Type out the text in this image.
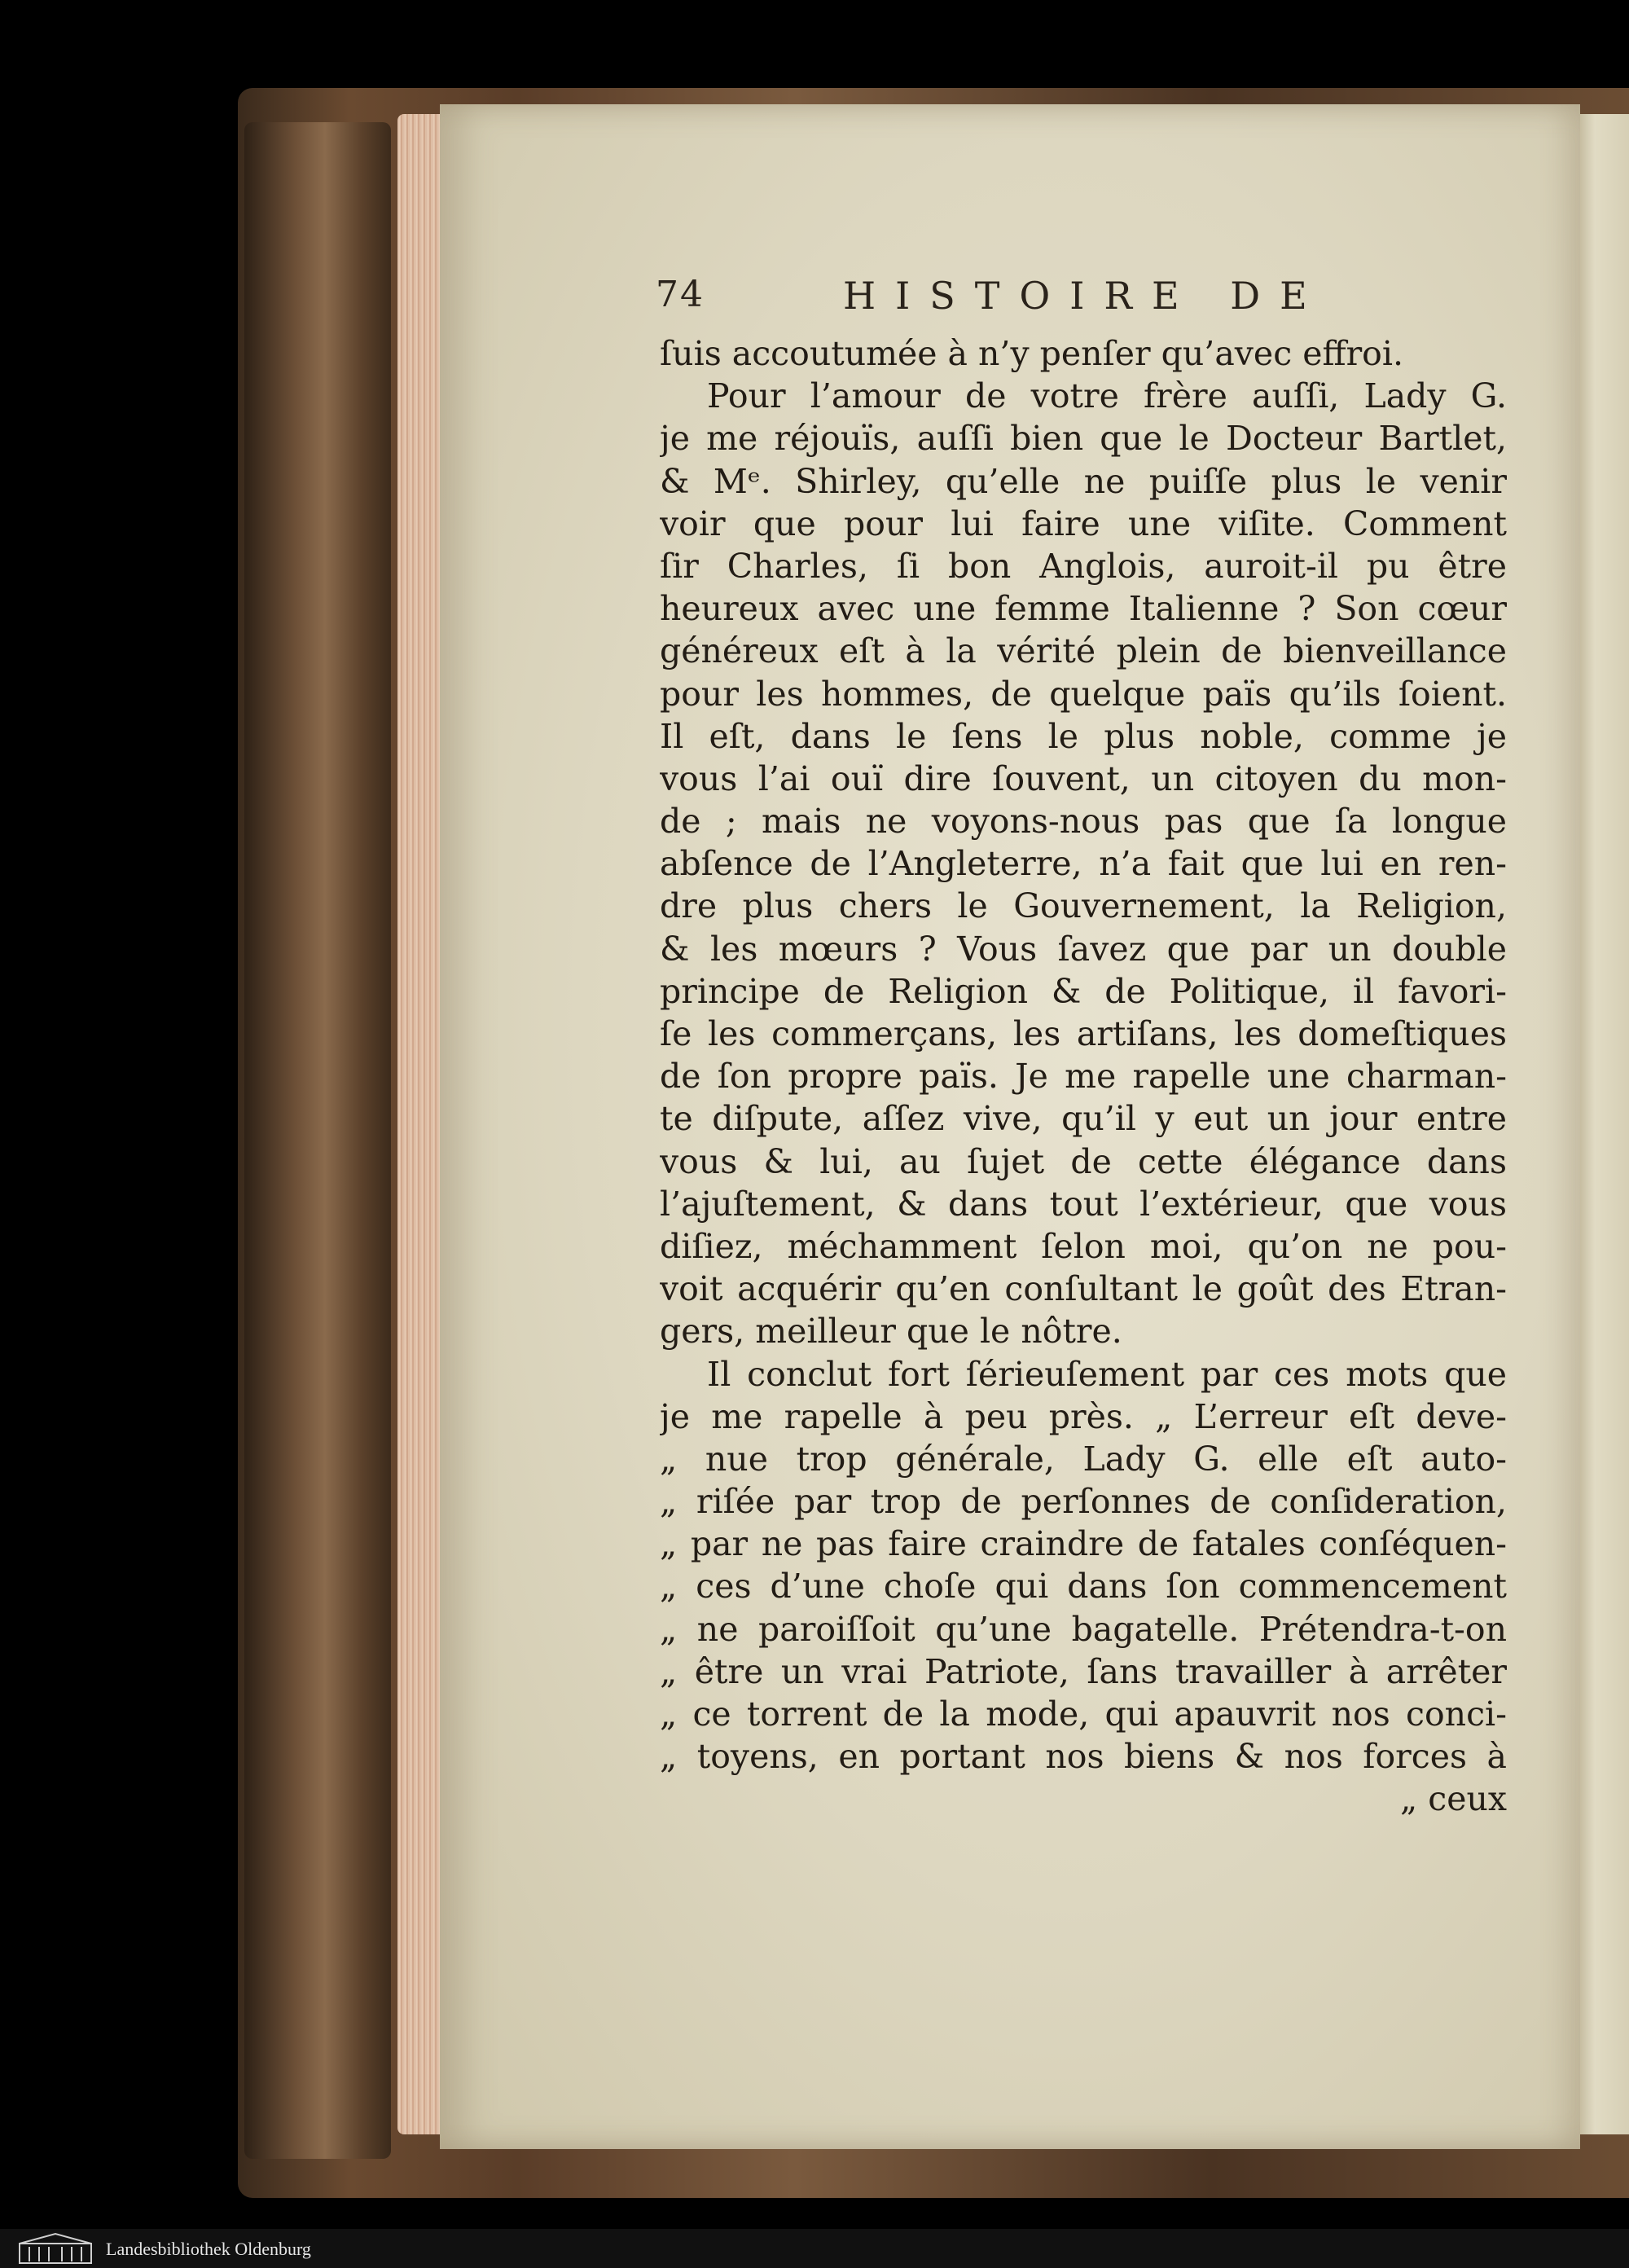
74	HISTOIRE DE
ſuis accoutumée à n’y penſer qu’avec effroi.
Pour l’amour de votre frère auſſi, Lady G.
je me réjouïs, auſſi bien que le Docteur Bartlet,
& Mᵉ. Shirley, qu’elle ne puiſſe plus le venir
voir que pour lui faire une viſite. Comment
ſir Charles, ſi bon Anglois, auroit-il pu être
heureux avec une femme Italienne ? Son cœur
généreux eſt à la vérité plein de bienveillance
pour les hommes, de quelque païs qu’ils ſoient.
Il eſt, dans le ſens le plus noble, comme je
vous l’ai ouï dire ſouvent, un citoyen du mon-
de ; mais ne voyons-nous pas que ſa longue
abſence de l’Angleterre, n’a fait que lui en ren-
dre plus chers le Gouvernement, la Religion,
& les mœurs ? Vous ſavez que par un double
principe de Religion & de Politique, il favori-
ſe les commerçans, les artiſans, les domeſtiques
de ſon propre païs. Je me rapelle une charman-
te diſpute, aſſez vive, qu’il y eut un jour entre
vous & lui, au ſujet de cette élégance dans
l’ajuſtement, & dans tout l’extérieur, que vous
diſiez, méchamment ſelon moi, qu’on ne pou-
voit acquérir qu’en conſultant le goût des Etran-
gers, meilleur que le nôtre.
Il conclut fort ſérieuſement par ces mots que
je me rapelle à peu près. „ L’erreur eſt deve-
„ nue trop générale, Lady G. elle eſt auto-
„ riſée par trop de perſonnes de conſideration,
„ par ne pas faire craindre de fatales conſéquen-
„ ces d’une choſe qui dans ſon commencement
„ ne paroiſſoit qu’une bagatelle. Prétendra-t-on
„ être un vrai Patriote, ſans travailler à arrêter
„ ce torrent de la mode, qui apauvrit nos conci-
„ toyens, en portant nos biens & nos forces à
„ ceux
Landesbibliothek Oldenburg
